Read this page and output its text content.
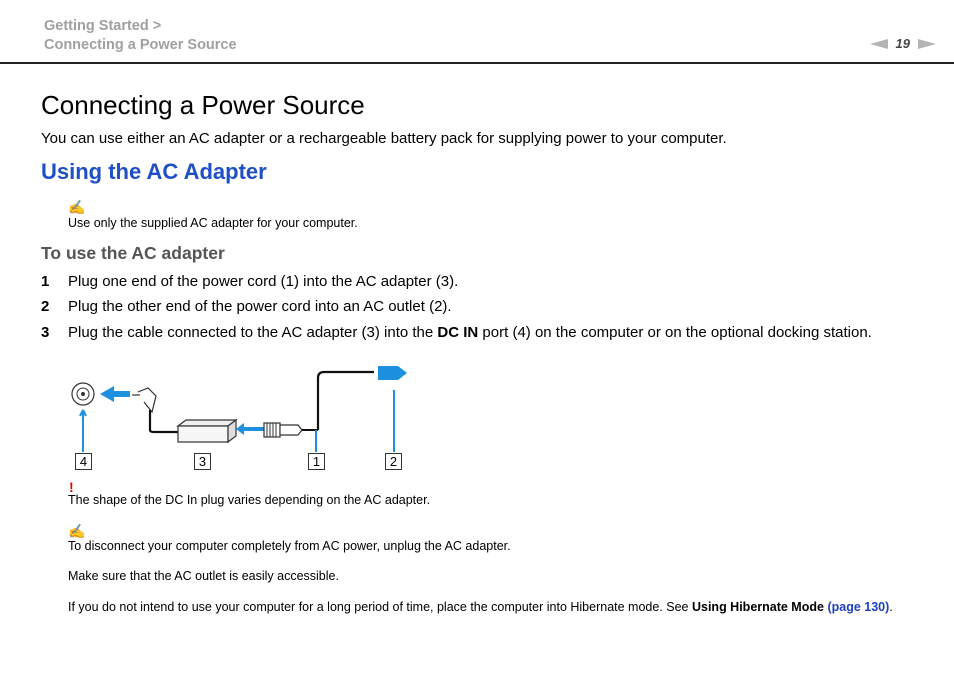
Getting Started >
Connecting a Power Source	19
Connecting a Power Source

You can use either an AC adapter or a rechargeable battery pack for supplying power to your computer.

Using the AC Adapter
✍

Use only the supplied AC adapter for your computer.

To use the AC adapter
1	Plug one end of the power cord (1) into the AC adapter (3).
2	Plug the other end of the power cord into an AC outlet (2).
3	Plug the cable connected to the AC adapter (3) into the DC IN port (4) on the computer or on the optional docking station.
4	3	1	2
!

The shape of the DC In plug varies depending on the AC adapter.

✍

To disconnect your computer completely from AC power, unplug the AC adapter.

Make sure that the AC outlet is easily accessible.

If you do not intend to use your computer for a long period of time, place the computer into Hibernate mode. See Using Hibernate Mode (page 130).
